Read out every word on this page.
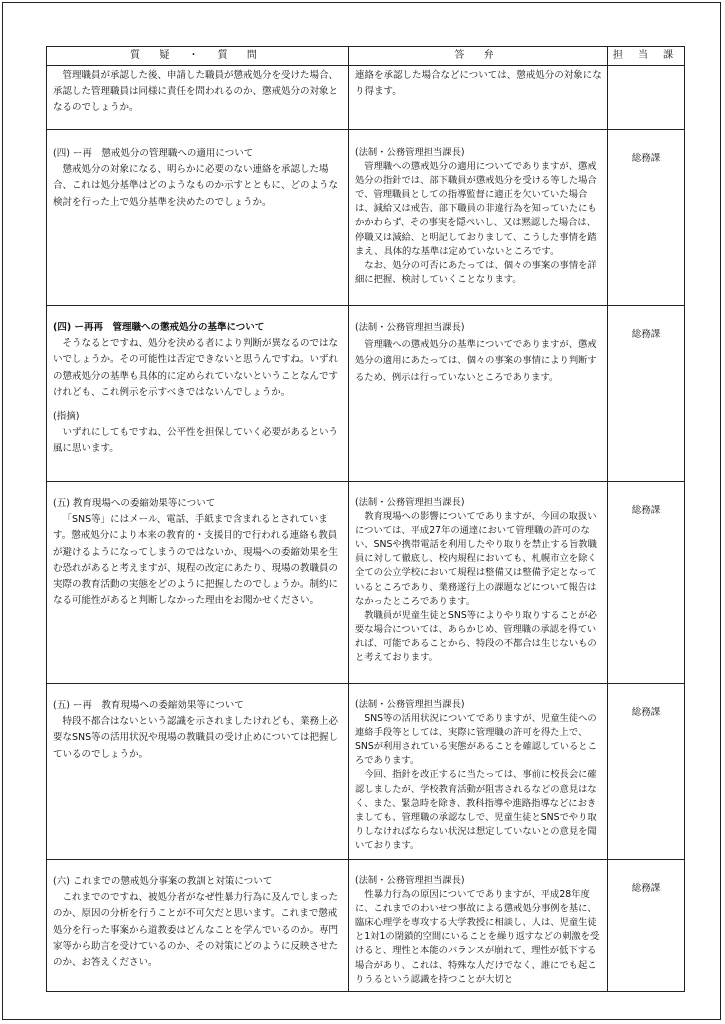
質 疑 ・ 質 問	答 弁	担 当 課

　管理職員が承認した後、申請した職員が懲戒処分を受けた場合、承認した管理職員は同様に責任を問われるのか、懲戒処分の対象となるのでしょうか。	連絡を承認した場合などについては、懲戒処分の対象になり得ます。	

(四) ー再　懲戒処分の管理職への適用について
懲戒処分の対象になる、明らかに必要のない連絡を承認した場合、これは処分基準はどのようなものか示すとともに、どのような検討を行った上で処分基準を決めたのでしょうか。	(法制・公務管理担当課長)
管理職への懲戒処分の適用についてでありますが、懲戒処分の指針では、部下職員が懲戒処分を受ける等した場合で、管理職員としての指導監督に適正を欠いていた場合は、減給又は戒告、部下職員の非違行為を知っていたにもかかわらず、その事実を隠ぺいし、又は黙認した場合は、停職又は減給、と明記しておりまして、こうした事情を踏まえ、具体的な基準は定めていないところです。
なお、処分の可否にあたっては、個々の事案の事情を詳細に把握、検討していくことなります。	総務課

(四) ー再再　管理職への懲戒処分の基準について
そうなるとですね、処分を決める者により判断が異なるのではないでしょうか。その可能性は否定できないと思うんですね。いずれの懲戒処分の基準も具体的に定められていないということなんですけれども、これ例示を示すべきではないんでしょうか。
(指摘)
いずれにしてもですね、公平性を担保していく必要があるという風に思います。	(法制・公務管理担当課長)
管理職への懲戒処分の基準についてでありますが、懲戒処分の適用にあたっては、個々の事案の事情により判断するため、例示は行っていないところであります。	総務課

(五) 教育現場への委縮効果等について
「SNS等」にはメール、電話、手紙まで含まれるとされています。懲戒処分により本来の教育的・支援目的で行われる連絡も教員が避けるようになってしまうのではないか、現場への委縮効果を生む恐れがあると考えますが、規程の改定にあたり、現場の教職員の実際の教育活動の実態をどのように把握したのでしょうか。制約になる可能性があると判断しなかった理由をお聞かせください。	(法制・公務管理担当課長)
教育現場への影響についてでありますが、今回の取扱いについては、平成27年の通達において管理職の許可のない、SNSや携帯電話を利用したやり取りを禁止する旨教職員に対して徹底し、校内規程においても、札幌市立を除く全ての公立学校において規程は整備又は整備予定となっているところであり、業務遂行上の課題などについて報告はなかったところであります。
教職員が児童生徒とSNS等によりやり取りすることが必要な場合については、あらかじめ、管理職の承認を得ていれば、可能であることから、特段の不都合は生じないものと考えております。	総務課

(五) ー再　教育現場への委縮効果等について
特段不都合はないという認識を示されましたけれども、業務上必要なSNS等の活用状況や現場の教職員の受け止めについては把握しているのでしょうか。	(法制・公務管理担当課長)
SNS等の活用状況についてでありますが、児童生徒への連絡手段等としては、実際に管理職の許可を得た上で、SNSが利用されている実態があることを確認しているところであります。
今回、指針を改正するに当たっては、事前に校長会に確認しましたが、学校教育活動が阻害されるなどの意見はなく、また、緊急時を除き、教科指導や進路指導などにおきましても、管理職の承認なしで、児童生徒とSNSでやり取りしなければならない状況は想定していないとの意見を聞いております。	総務課

(六) これまでの懲戒処分事案の教訓と対策について
これまでのですね、被処分者がなぜ性暴力行為に及んでしまったのか、原因の分析を行うことが不可欠だと思います。これまで懲戒処分を行った事案から道教委はどんなことを学んでいるのか。専門家等から助言を受けているのか、その対策にどのように反映させたのか、お答えください。	(法制・公務管理担当課長)
性暴力行為の原因についてでありますが、平成28年度に、これまでのわいせつ事故による懲戒処分事例を基に、臨床心理学を専攻する大学教授に相談し、人は、児童生徒と1対1の閉鎖的空間にいることを繰り返すなどの刺激を受けると、理性と本能のバランスが崩れて、理性が低下する場合があり、これは、特殊な人だけでなく、誰にでも起こりうるという認識を持つことが大切と	総務課
